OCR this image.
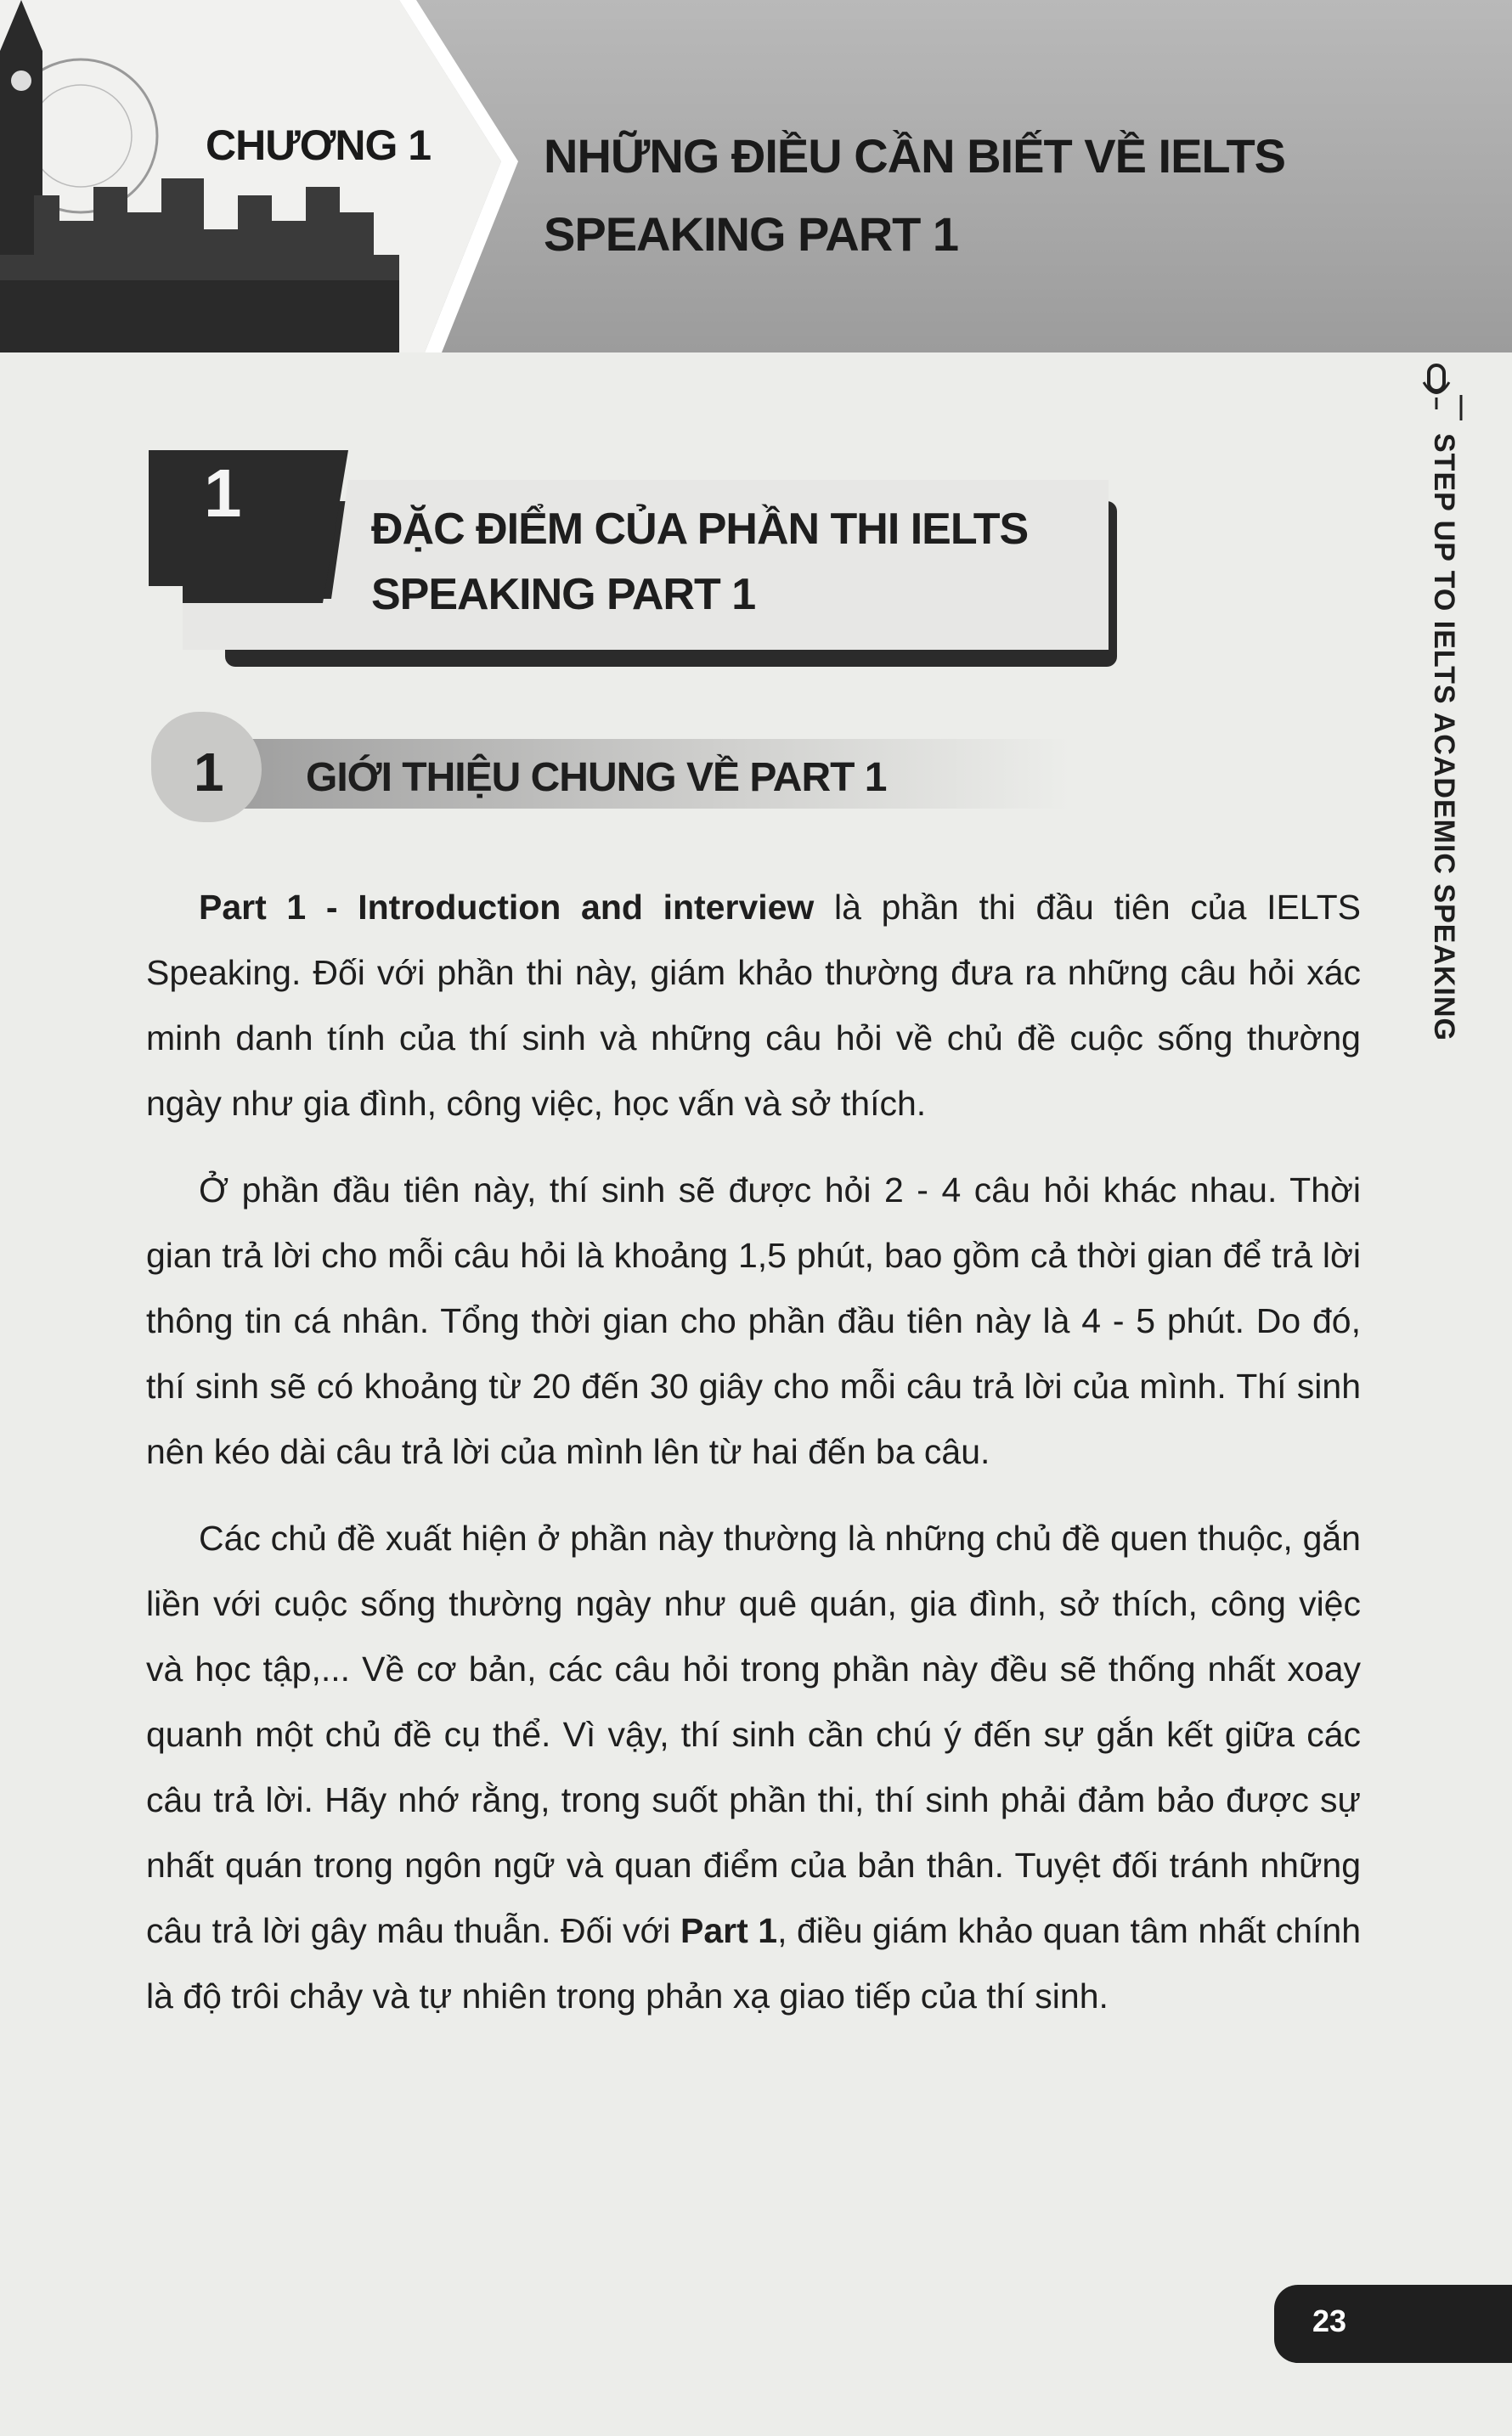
CHƯƠNG 1 NHỮNG ĐIỀU CẦN BIẾT VỀ IELTS
SPEAKING PART 1
1	ĐẶC ĐIỂM CỦA PHẦN THI IELTS
SPEAKING PART 1
1 GIỚI THIỆU CHUNG VỀ PART 1

Part 1 - Introduction and interview là phần thi đầu tiên của IELTS Speaking. Đối với phần thi này, giám khảo thường đưa ra những câu hỏi xác minh danh tính của thí sinh và những câu hỏi về chủ đề cuộc sống thường ngày như gia đình, công việc, học vấn và sở thích.

Ở phần đầu tiên này, thí sinh sẽ được hỏi 2 - 4 câu hỏi khác nhau. Thời gian trả lời cho mỗi câu hỏi là khoảng 1,5 phút, bao gồm cả thời gian để trả lời thông tin cá nhân. Tổng thời gian cho phần đầu tiên này là 4 - 5 phút. Do đó, thí sinh sẽ có khoảng từ 20 đến 30 giây cho mỗi câu trả lời của mình. Thí sinh nên kéo dài câu trả lời của mình lên từ hai đến ba câu.

Các chủ đề xuất hiện ở phần này thường là những chủ đề quen thuộc, gắn liền với cuộc sống thường ngày như quê quán, gia đình, sở thích, công việc và học tập,... Về cơ bản, các câu hỏi trong phần này đều sẽ thống nhất xoay quanh một chủ đề cụ thể. Vì vậy, thí sinh cần chú ý đến sự gắn kết giữa các câu trả lời. Hãy nhớ rằng, trong suốt phần thi, thí sinh phải đảm bảo được sự nhất quán trong ngôn ngữ và quan điểm của bản thân. Tuyệt đối tránh những câu trả lời gây mâu thuẫn. Đối với Part 1, điều giám khảo quan tâm nhất chính là độ trôi chảy và tự nhiên trong phản xạ giao tiếp của thí sinh.

STEP UP TO IELTS ACADEMIC SPEAKING
23
